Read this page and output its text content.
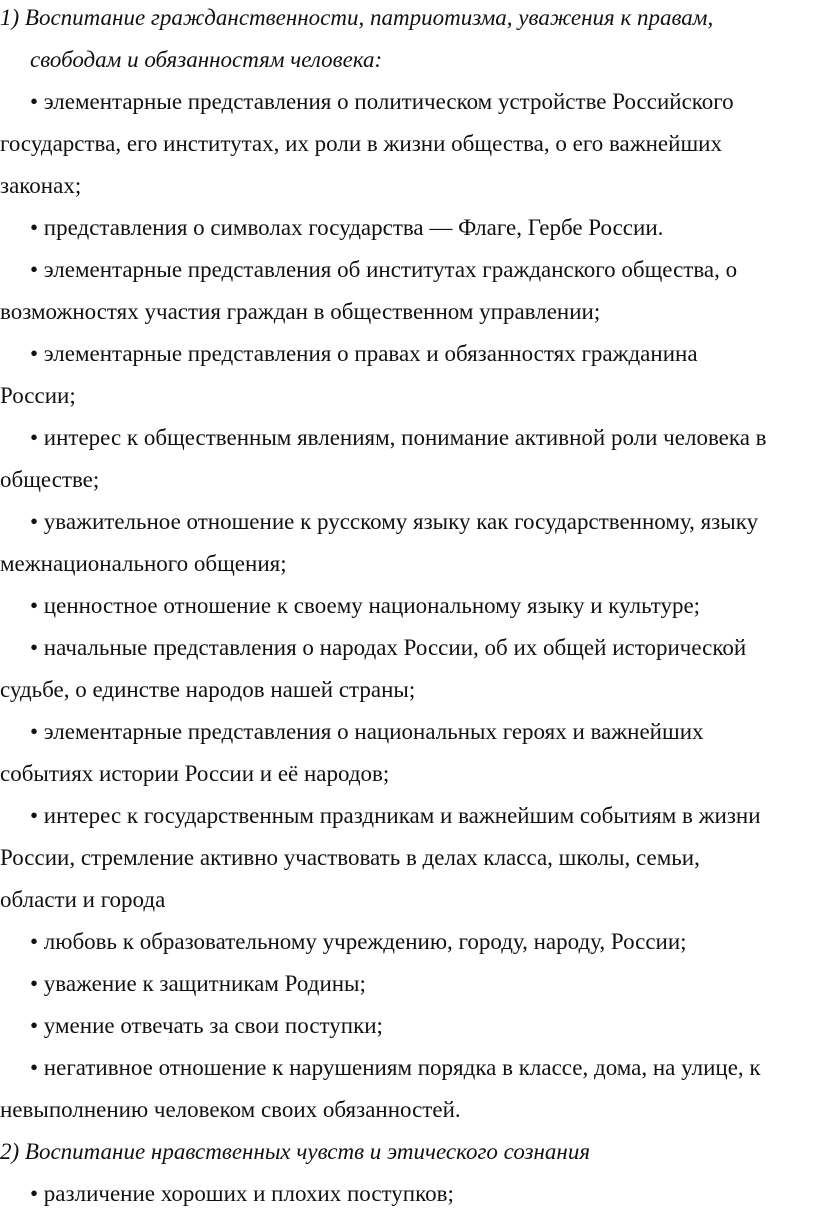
1) Воспитание гражданственности, патриотизма, уважения к правам,
свободам и обязанностям человека:
• элементарные представления о политическом устройстве Российского
государства, его институтах, их роли в жизни общества, о его важнейших
законах;
• представления о символах государства — Флаге, Гербе России.
• элементарные представления об институтах гражданского общества, о
возможностях участия граждан в общественном управлении;
• элементарные представления о правах и обязанностях гражданина
России;
• интерес к общественным явлениям, понимание активной роли человека в
обществе;
• уважительное отношение к русскому языку как государственному, языку
межнационального общения;
• ценностное отношение к своему национальному языку и культуре;
• начальные представления о народах России, об их общей исторической
судьбе, о единстве народов нашей страны;
• элементарные представления о национальных героях и важнейших
событиях истории России и её народов;
• интерес к государственным праздникам и важнейшим событиям в жизни
России, стремление активно участвовать в делах класса, школы, семьи,
области и города
• любовь к образовательному учреждению, городу, народу, России;
• уважение к защитникам Родины;
• умение отвечать за свои поступки;
• негативное отношение к нарушениям порядка в классе, дома, на улице, к
невыполнению человеком своих обязанностей.
2) Воспитание нравственных чувств и этического сознания
• различение хороших и плохих поступков;
